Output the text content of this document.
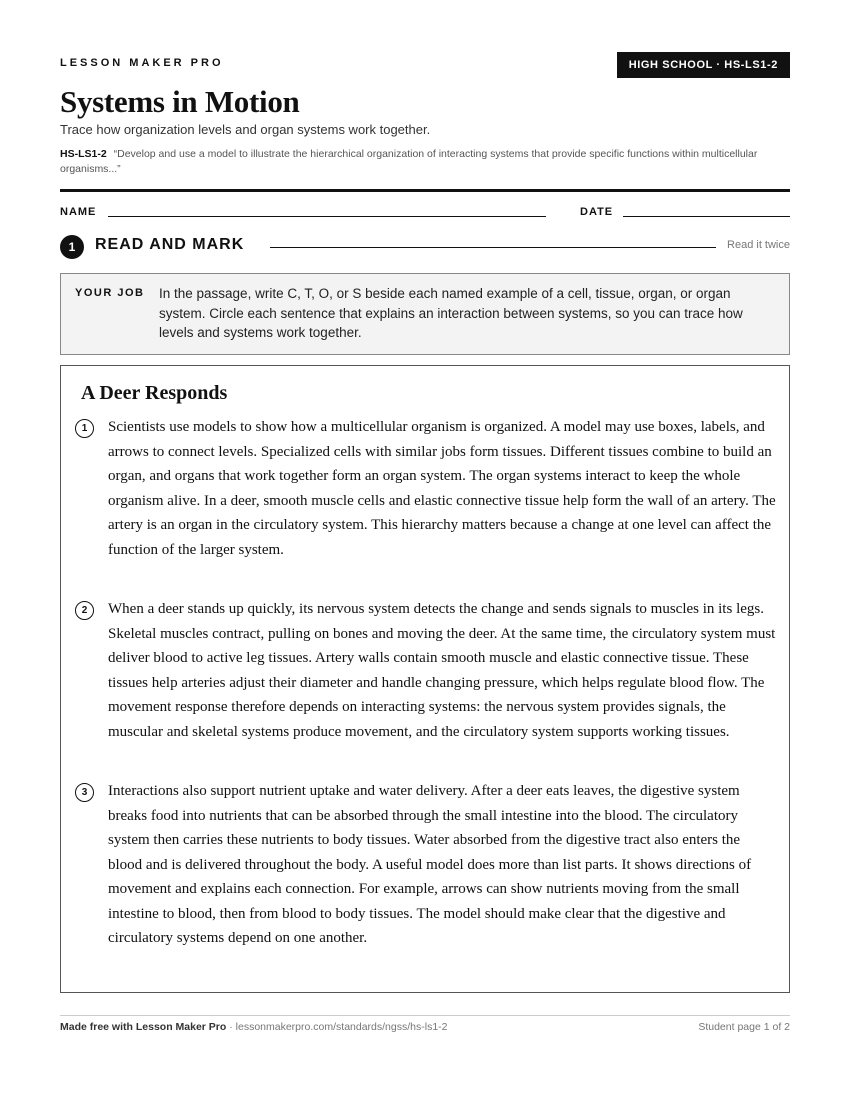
LESSON MAKER PRO	HIGH SCHOOL · HS-LS1-2
Systems in Motion
Trace how organization levels and organ systems work together.
HS-LS1-2 “Develop and use a model to illustrate the hierarchical organization of interacting systems that provide specific functions within multicellular organisms...”
NAME	DATE
1	READ AND MARK	Read it twice
YOUR JOB In the passage, write C, T, O, or S beside each named example of a cell, tissue, organ, or organ system. Circle each sentence that explains an interaction between systems, so you can trace how levels and systems work together.
A Deer Responds
1	Scientists use models to show how a multicellular organism is organized. A model may use boxes, labels, and arrows to connect levels. Specialized cells with similar jobs form tissues. Different tissues combine to build an organ, and organs that work together form an organ system. The organ systems interact to keep the whole organism alive. In a deer, smooth muscle cells and elastic connective tissue help form the wall of an artery. The artery is an organ in the circulatory system. This hierarchy matters because a change at one level can affect the function of the larger system.
2	When a deer stands up quickly, its nervous system detects the change and sends signals to muscles in its legs. Skeletal muscles contract, pulling on bones and moving the deer. At the same time, the circulatory system must deliver blood to active leg tissues. Artery walls contain smooth muscle and elastic connective tissue. These tissues help arteries adjust their diameter and handle changing pressure, which helps regulate blood flow. The movement response therefore depends on interacting systems: the nervous system provides signals, the muscular and skeletal systems produce movement, and the circulatory system supports working tissues.
3	Interactions also support nutrient uptake and water delivery. After a deer eats leaves, the digestive system breaks food into nutrients that can be absorbed through the small intestine into the blood. The circulatory system then carries these nutrients to body tissues. Water absorbed from the digestive tract also enters the blood and is delivered throughout the body. A useful model does more than list parts. It shows directions of movement and explains each connection. For example, arrows can show nutrients moving from the small intestine to blood, then from blood to body tissues. The model should make clear that the digestive and circulatory systems depend on one another.
Made free with Lesson Maker Pro · lessonmakerpro.com/standards/ngss/hs-ls1-2	Student page 1 of 2
